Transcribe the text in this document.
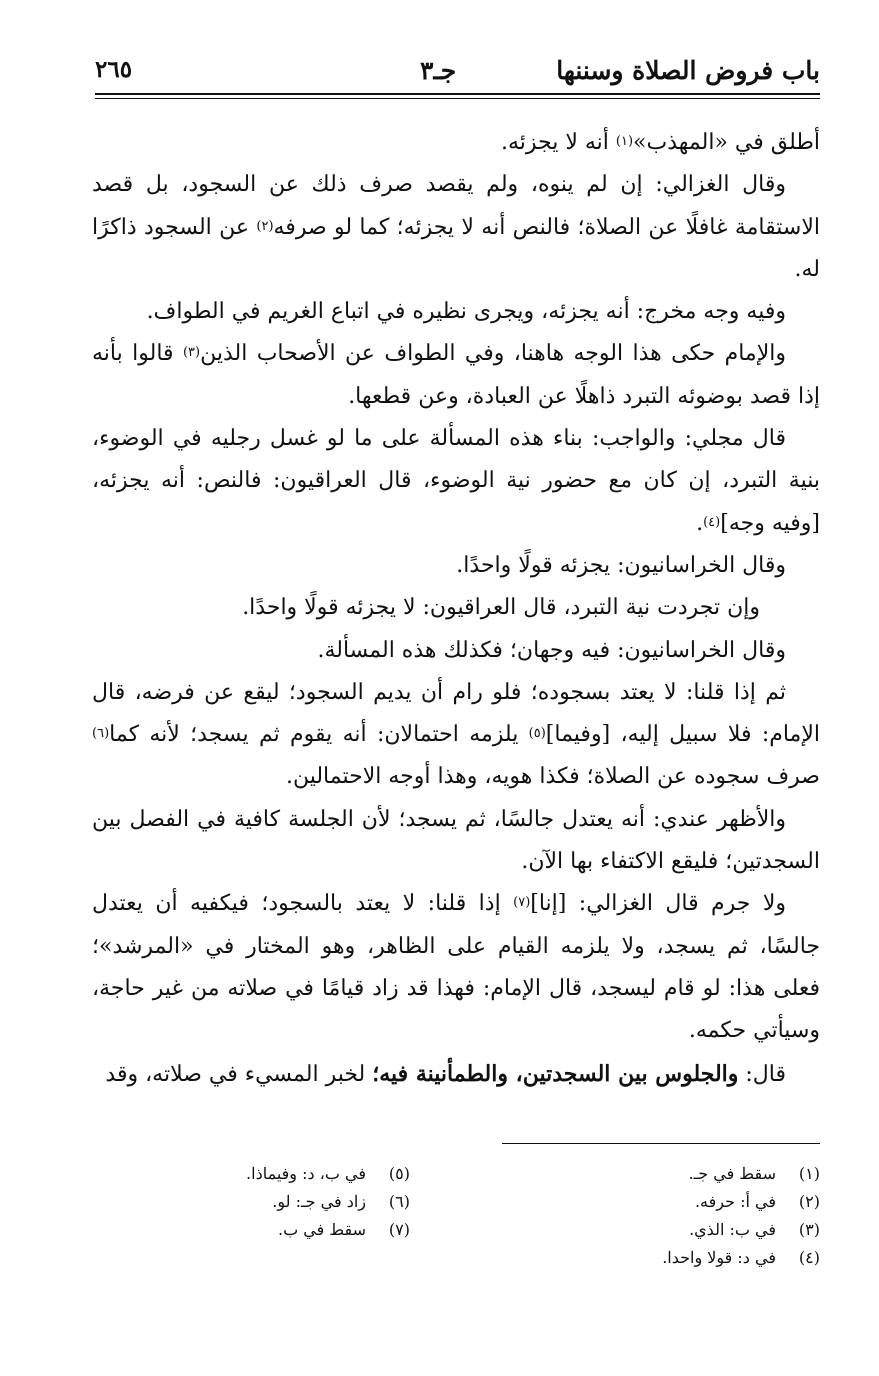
باب فروض الصلاة وسننها
جـ٣
٢٦٥

أطلق في «المهذب»$^{(١)}$ أنه لا يجزئه.

وقال الغزالي: إن لم ينوه، ولم يقصد صرف ذلك عن السجود، بل قصد الاستقامة غافلًا عن الصلاة؛ فالنص أنه لا يجزئه؛ كما لو صرفه$^{(٢)}$ عن السجود ذاكرًا له.

وفيه وجه مخرج: أنه يجزئه، ويجرى نظيره في اتباع الغريم في الطواف.

والإمام حكى هذا الوجه هاهنا، وفي الطواف عن الأصحاب الذين$^{(٣)}$ قالوا بأنه إذا قصد بوضوئه التبرد ذاهلًا عن العبادة، وعن قطعها.

قال مجلي: والواجب: بناء هذه المسألة على ما لو غسل رجليه في الوضوء، بنية التبرد، إن كان مع حضور نية الوضوء، قال العراقيون: فالنص: أنه يجزئه، [وفيه وجه]$^{(٤)}$.

وقال الخراسانيون: يجزئه قولًا واحدًا.

وإن تجردت نية التبرد، قال العراقيون: لا يجزئه قولًا واحدًا.

وقال الخراسانيون: فيه وجهان؛ فكذلك هذه المسألة.

ثم إذا قلنا: لا يعتد بسجوده؛ فلو رام أن يديم السجود؛ ليقع عن فرضه، قال الإمام: فلا سبيل إليه، [وفيما]$^{(٥)}$ يلزمه احتمالان: أنه يقوم ثم يسجد؛ لأنه كما$^{(٦)}$ صرف سجوده عن الصلاة؛ فكذا هويه، وهذا أوجه الاحتمالين.

والأظهر عندي: أنه يعتدل جالسًا، ثم يسجد؛ لأن الجلسة كافية في الفصل بين السجدتين؛ فليقع الاكتفاء بها الآن.

ولا جرم قال الغزالي: [إنا]$^{(٧)}$ إذا قلنا: لا يعتد بالسجود؛ فيكفيه أن يعتدل جالسًا، ثم يسجد، ولا يلزمه القيام على الظاهر، وهو المختار في «المرشد»؛ فعلى هذا: لو قام ليسجد، قال الإمام: فهذا قد زاد قيامًا في صلاته من غير حاجة، وسيأتي حكمه.

قال: والجلوس بين السجدتين، والطمأنينة فيه؛ لخبر المسيء في صلاته، وقد

(١)سقط في جـ.
(٢)في أ: حرفه.
(٣)في ب: الذي.
(٤)في د: قولا واحدا.
(٥)في ب، د: وفيماذا.
(٦)زاد في جـ: لو.
(٧)سقط في ب.
